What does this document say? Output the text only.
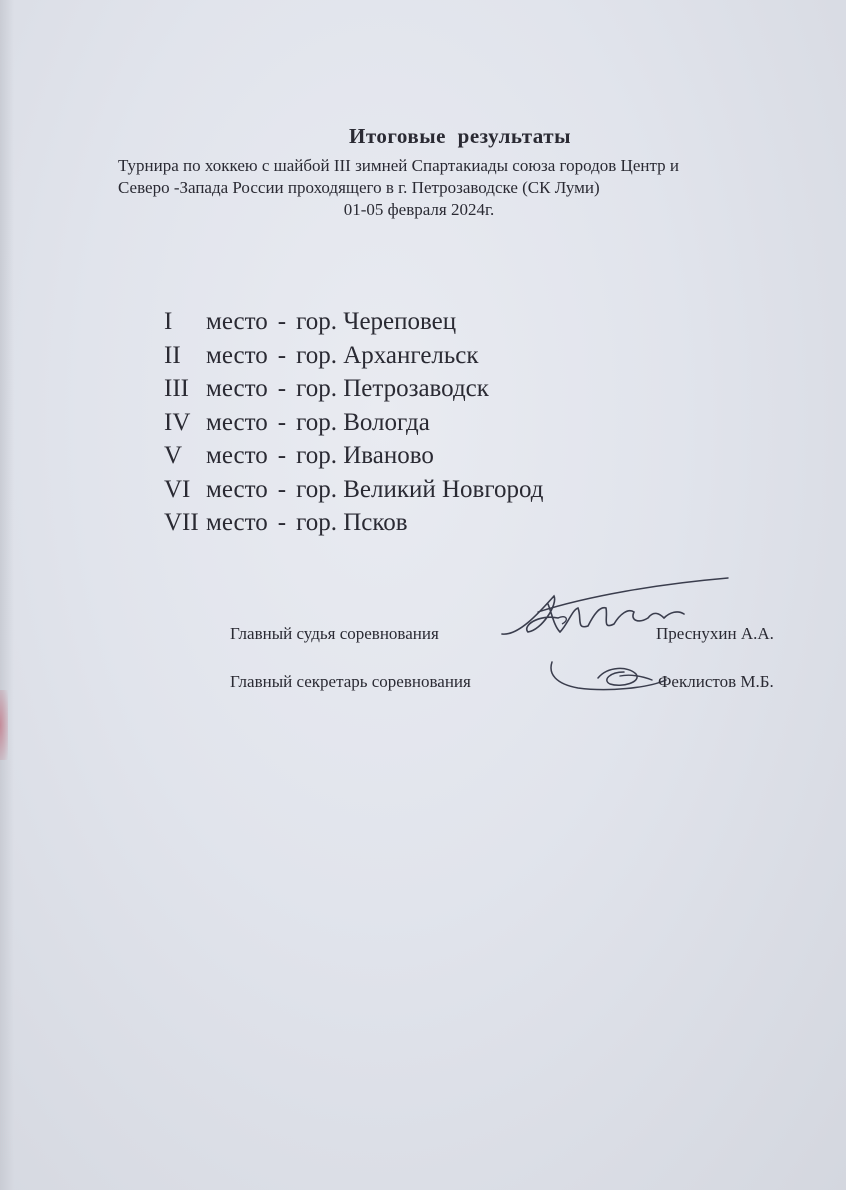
Итоговые результаты
Турнира по хоккею с шайбой III зимней Спартакиады союза городов Центр и
Северо -Запада России проходящего в г. Петрозаводске (СК Луми)
01-05 февраля 2024г.
I	место - гор. Череповец
II	место - гор. Архангельск
III место - гор. Петрозаводск
IV место - гор. Вологда
V место - гор. Иваново
VI место - гор. Великий Новгород
VII место - гор. Псков
Главный судья соревнования	Преснухин А.А.
Главный секретарь соревнования	Феклистов М.Б.
